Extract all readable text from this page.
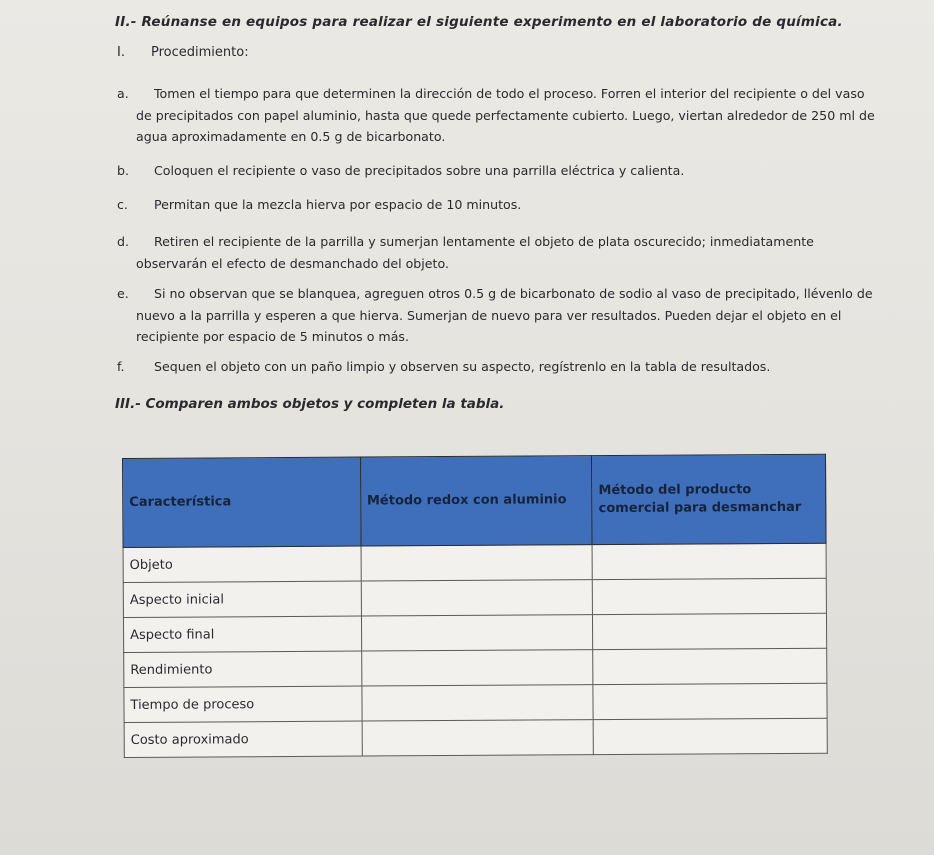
II.- Reúnanse en equipos para realizar el siguiente experimento en el laboratorio de química.
I. Procedimiento:
a.	Tomen el tiempo para que determinen la dirección de todo el proceso. Forren el interior del recipiente o del vaso de precipitados con papel aluminio, hasta que quede perfectamente cubierto. Luego, viertan alrededor de 250 ml de agua aproximadamente en 0.5 g de bicarbonato.
b.	Coloquen el recipiente o vaso de precipitados sobre una parrilla eléctrica y calienta.
c.	Permitan que la mezcla hierva por espacio de 10 minutos.
d.	Retiren el recipiente de la parrilla y sumerjan lentamente el objeto de plata oscurecido; inmediatamente observarán el efecto de desmanchado del objeto.
e.	Si no observan que se blanquea, agreguen otros 0.5 g de bicarbonato de sodio al vaso de precipitado, llévenlo de nuevo a la parrilla y esperen a que hierva. Sumerjan de nuevo para ver resultados. Pueden dejar el objeto en el recipiente por espacio de 5 minutos o más.
f.	Sequen el objeto con un paño limpio y observen su aspecto, regístrenlo en la tabla de resultados.
III.- Comparen ambos objetos y completen la tabla.
Característica	Método redox con aluminio	Método del producto comercial para desmanchar
Objeto		
Aspecto inicial		
Aspecto final		
Rendimiento		
Tiempo de proceso		
Costo aproximado		
